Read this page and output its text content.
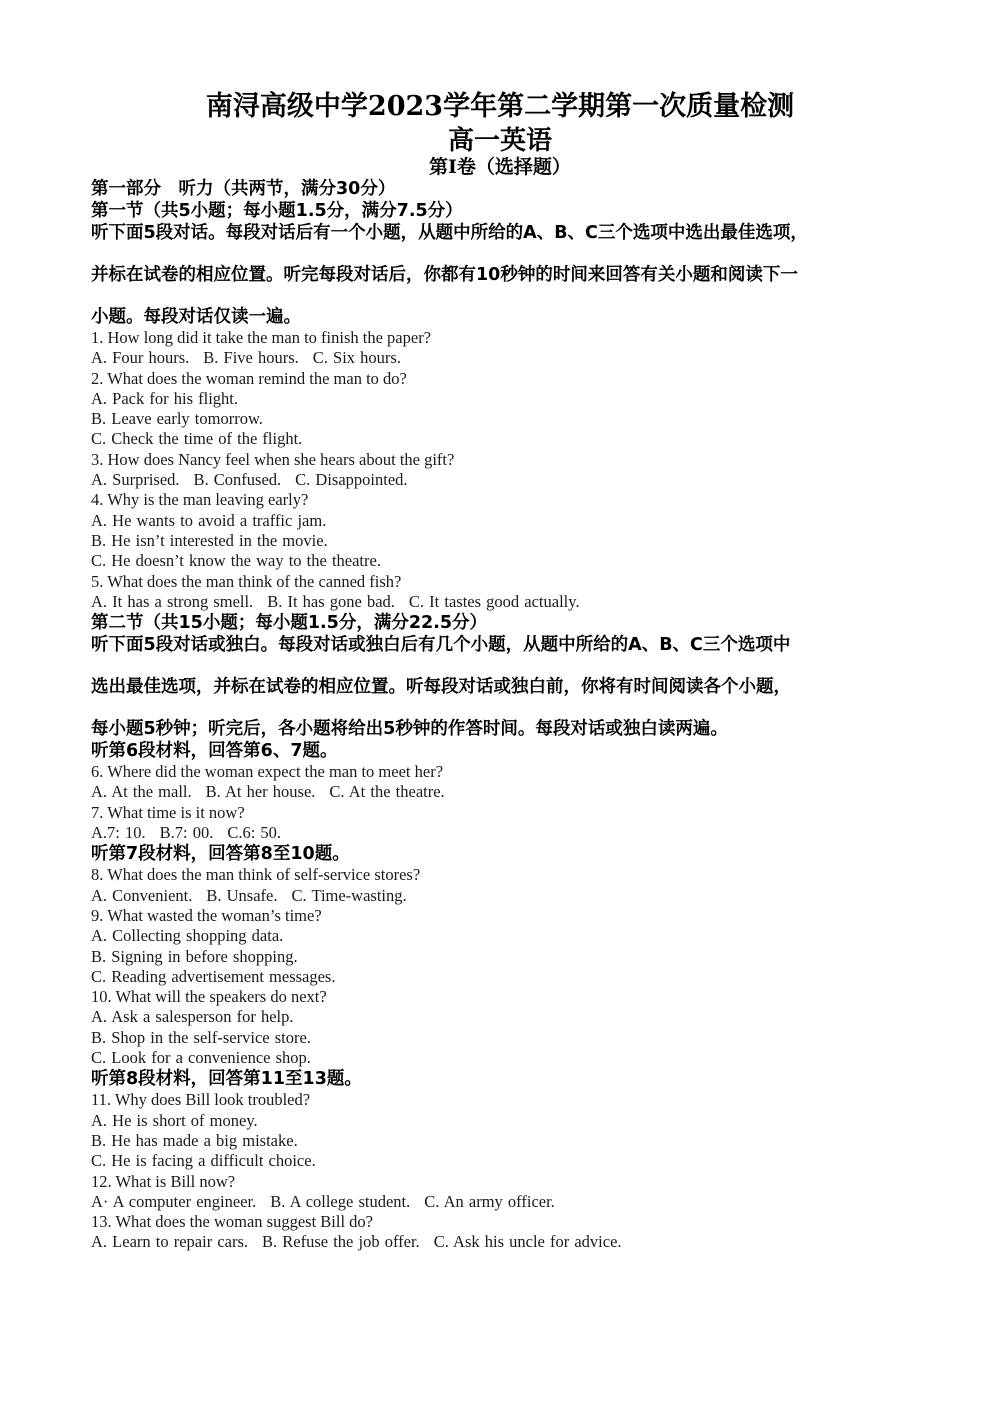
南浔高级中学2023学年第二学期第一次质量检测
高一英语
第Ⅰ卷（选择题）
第一部分　听力（共两节，满分30分）
第一节（共5小题；每小题1.5分，满分7.5分）
听下面5段对话。每段对话后有一个小题，从题中所给的A、B、C三个选项中选出最佳选项，
并标在试卷的相应位置。听完每段对话后，你都有10秒钟的时间来回答有关小题和阅读下一
小题。每段对话仅读一遍。
1. How long did it take the man to finish the paper?
A. Four hours. B. Five hours. C. Six hours.
2. What does the woman remind the man to do?
A. Pack for his flight.
B. Leave early tomorrow.
C. Check the time of the flight.
3. How does Nancy feel when she hears about the gift?
A. Surprised. B. Confused. C. Disappointed.
4. Why is the man leaving early?
A. He wants to avoid a traffic jam.
B. He isn’t interested in the movie.
C. He doesn’t know the way to the theatre.
5. What does the man think of the canned fish?
A. It has a strong smell. B. It has gone bad. C. It tastes good actually.
第二节（共15小题；每小题1.5分，满分22.5分）
听下面5段对话或独白。每段对话或独白后有几个小题，从题中所给的A、B、C三个选项中
选出最佳选项，并标在试卷的相应位置。听每段对话或独白前，你将有时间阅读各个小题，
每小题5秒钟；听完后，各小题将给出5秒钟的作答时间。每段对话或独白读两遍。
听第6段材料，回答第6、7题。
6. Where did the woman expect the man to meet her?
A. At the mall. B. At her house. C. At the theatre.
7. What time is it now?
A.7: 10. B.7: 00. C.6: 50.
听第7段材料，回答第8至10题。
8. What does the man think of self-service stores?
A. Convenient. B. Unsafe. C. Time-wasting.
9. What wasted the woman’s time?
A. Collecting shopping data.
B. Signing in before shopping.
C. Reading advertisement messages.
10. What will the speakers do next?
A. Ask a salesperson for help.
B. Shop in the self-service store.
C. Look for a convenience shop.
听第8段材料，回答第11至13题。
11. Why does Bill look troubled?
A. He is short of money.
B. He has made a big mistake.
C. He is facing a difficult choice.
12. What is Bill now?
A· A computer engineer. B. A college student. C. An army officer.
13. What does the woman suggest Bill do?
A. Learn to repair cars. B. Refuse the job offer. C. Ask his uncle for advice.
